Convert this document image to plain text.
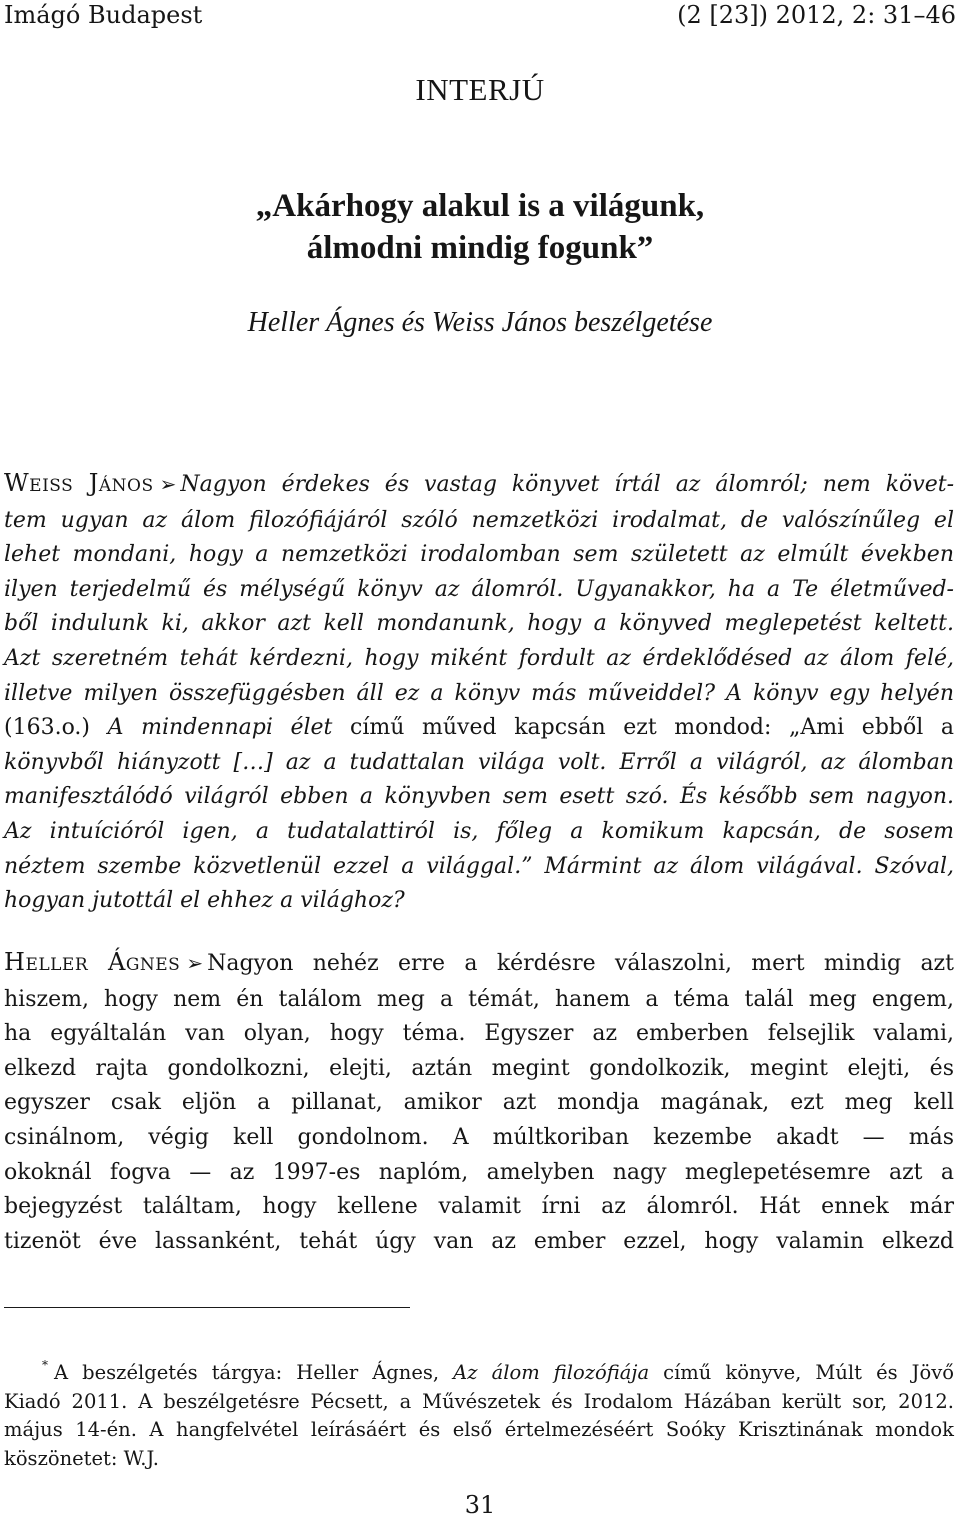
Imágó Budapest	(2 [23]) 2012, 2: 31–46
INTERJÚ
„Akárhogy alakul is a világunk,
álmodni mindig fogunk”
Heller Ágnes és Weiss János beszélgetése

WEISS JÁNOS ➢ Nagyon érdekes és vastag könyvet írtál az álomról; nem követ-
tem ugyan az álom filozófiájáról szóló nemzetközi irodalmat, de valószínűleg el
lehet mondani, hogy a nemzetközi irodalomban sem született az elmúlt években
ilyen terjedelmű és mélységű könyv az álomról. Ugyanakkor, ha a Te életműved-
ből indulunk ki, akkor azt kell mondanunk, hogy a könyved meglepetést keltett.
Azt szeretném tehát kérdezni, hogy miként fordult az érdeklődésed az álom felé,
illetve milyen összefüggésben áll ez a könyv más műveiddel? A könyv egy helyén
(163.o.) A mindennapi élet című műved kapcsán ezt mondod: „Ami ebből a
könyvből hiányzott […] az a tudattalan világa volt. Erről a világról, az álomban
manifesztálódó világról ebben a könyvben sem esett szó. És később sem nagyon.
Az intuícióról igen, a tudatalattiról is, főleg a komikum kapcsán, de sosem
néztem szembe közvetlenül ezzel a világgal.” Mármint az álom világával. Szóval,
hogyan jutottál el ehhez a világhoz?

HELLER ÁGNES ➢ Nagyon nehéz erre a kérdésre válaszolni, mert mindig azt
hiszem, hogy nem én találom meg a témát, hanem a téma talál meg engem,
ha egyáltalán van olyan, hogy téma. Egyszer az emberben felsejlik valami,
elkezd rajta gondolkozni, elejti, aztán megint gondolkozik, megint elejti, és
egyszer csak eljön a pillanat, amikor azt mondja magának, ezt meg kell
csinálnom, végig kell gondolnom. A múltkoriban kezembe akadt — más
okoknál fogva — az 1997-es naplóm, amelyben nagy meglepetésemre azt a
bejegyzést találtam, hogy kellene valamit írni az álomról. Hát ennek már
tizenöt éve lassanként, tehát úgy van az ember ezzel, hogy valamin elkezd

* A beszélgetés tárgya: Heller Ágnes, Az álom filozófiája című könyve, Múlt és Jövő
Kiadó 2011. A beszélgetésre Pécsett, a Művészetek és Irodalom Házában került sor, 2012.
május 14-én. A hangfelvétel leírásáért és első értelmezéséért Soóky Krisztinának mondok
köszönetet: W.J.

31
